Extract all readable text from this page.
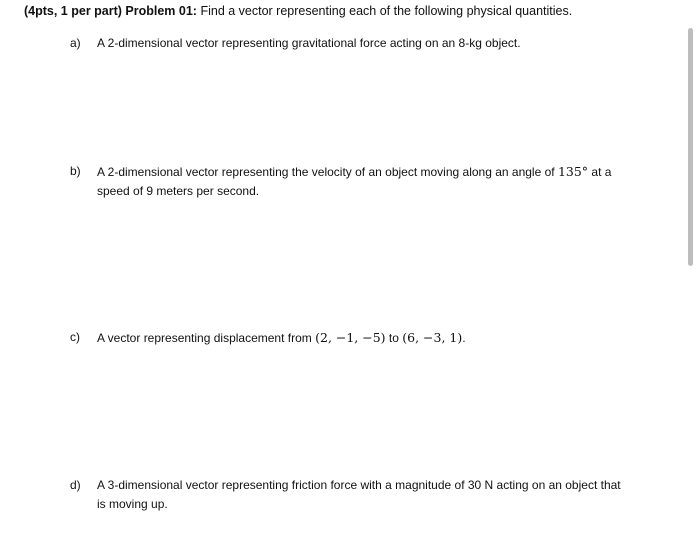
(4pts, 1 per part) Problem 01: Find a vector representing each of the following physical quantities.
a) A 2-dimensional vector representing gravitational force acting on an 8-kg object.
b) A 2-dimensional vector representing the velocity of an object moving along an angle of 135° at a speed of 9 meters per second.
c) A vector representing displacement from (2, −1, −5) to (6, −3, 1).
d) A 3-dimensional vector representing friction force with a magnitude of 30 N acting on an object that is moving up.
